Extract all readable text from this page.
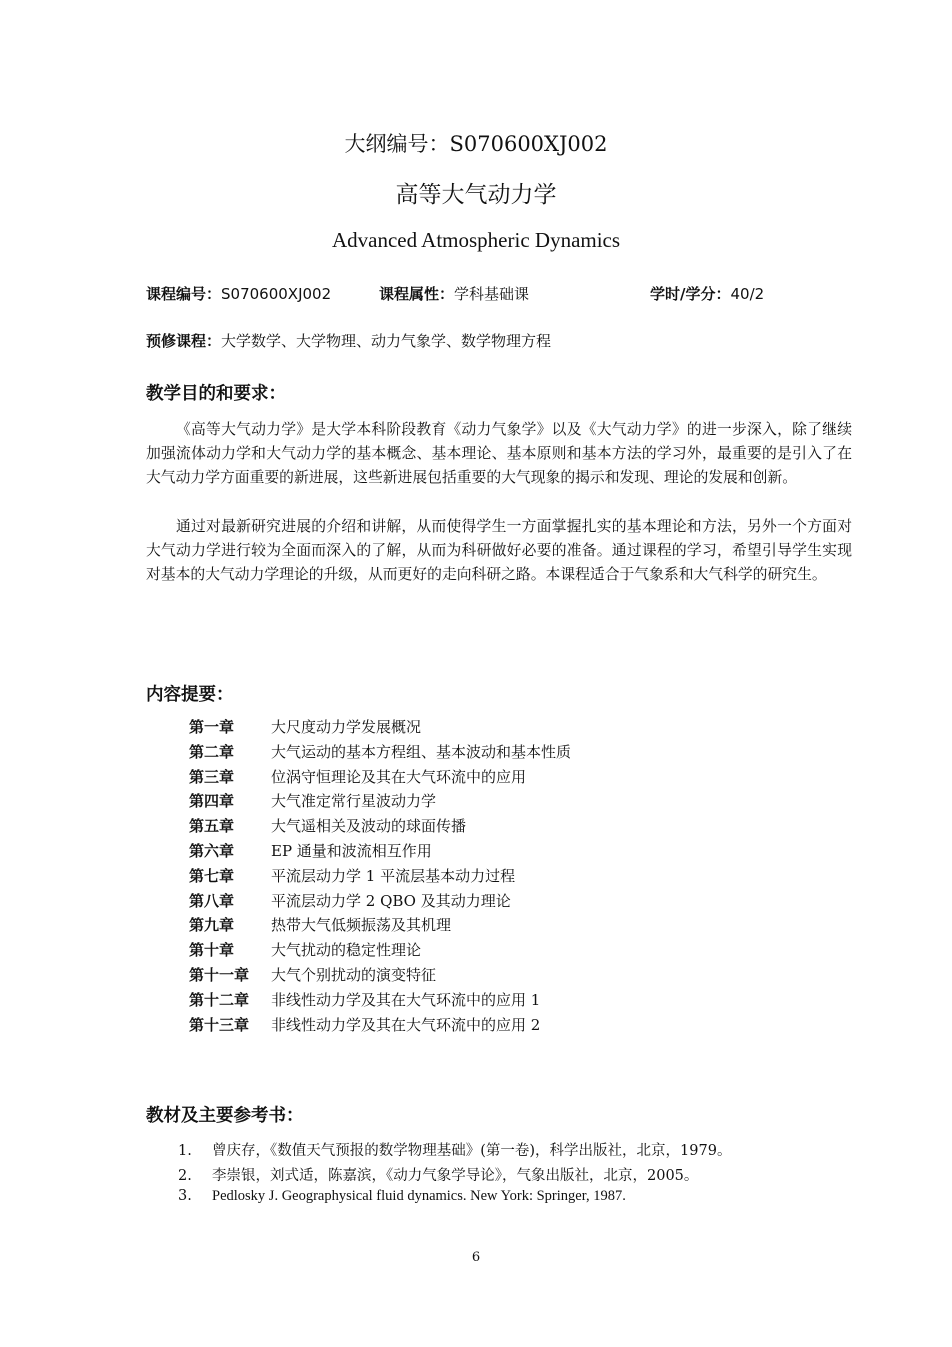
大纲编号：S070600XJ002
高等大气动力学
Advanced Atmospheric Dynamics
课程编号：S070600XJ002	课程属性：学科基础课	学时/学分：40/2
预修课程：大学数学、大学物理、动力气象学、数学物理方程
教学目的和要求：

《高等大气动力学》是大学本科阶段教育《动力气象学》以及《大气动力学》的进一步深入，除了继续加强流体动力学和大气动力学的基本概念、基本理论、基本原则和基本方法的学习外，最重要的是引入了在大气动力学方面重要的新进展，这些新进展包括重要的大气现象的揭示和发现、理论的发展和创新。

通过对最新研究进展的介绍和讲解，从而使得学生一方面掌握扎实的基本理论和方法，另外一个方面对大气动力学进行较为全面而深入的了解，从而为科研做好必要的准备。通过课程的学习，希望引导学生实现对基本的大气动力学理论的升级，从而更好的走向科研之路。本课程适合于气象系和大气科学的研究生。

内容提要：
第一章 大尺度动力学发展概况
第二章 大气运动的基本方程组、基本波动和基本性质
第三章 位涡守恒理论及其在大气环流中的应用
第四章 大气准定常行星波动力学
第五章 大气遥相关及波动的球面传播
第六章 EP 通量和波流相互作用
第七章 平流层动力学 1 平流层基本动力过程
第八章 平流层动力学 2 QBO 及其动力理论
第九章 热带大气低频振荡及其机理
第十章 大气扰动的稳定性理论
第十一章 大气个别扰动的演变特征
第十二章 非线性动力学及其在大气环流中的应用 1
第十三章 非线性动力学及其在大气环流中的应用 2
教材及主要参考书：
1. 曾庆存，《数值天气预报的数学物理基础》(第一卷)，科学出版社，北京，1979。
2. 李崇银，刘式适，陈嘉滨，《动力气象学导论》，气象出版社，北京，2005。
3. Pedlosky J. Geographysical fluid dynamics. New York: Springer, 1987.
6
